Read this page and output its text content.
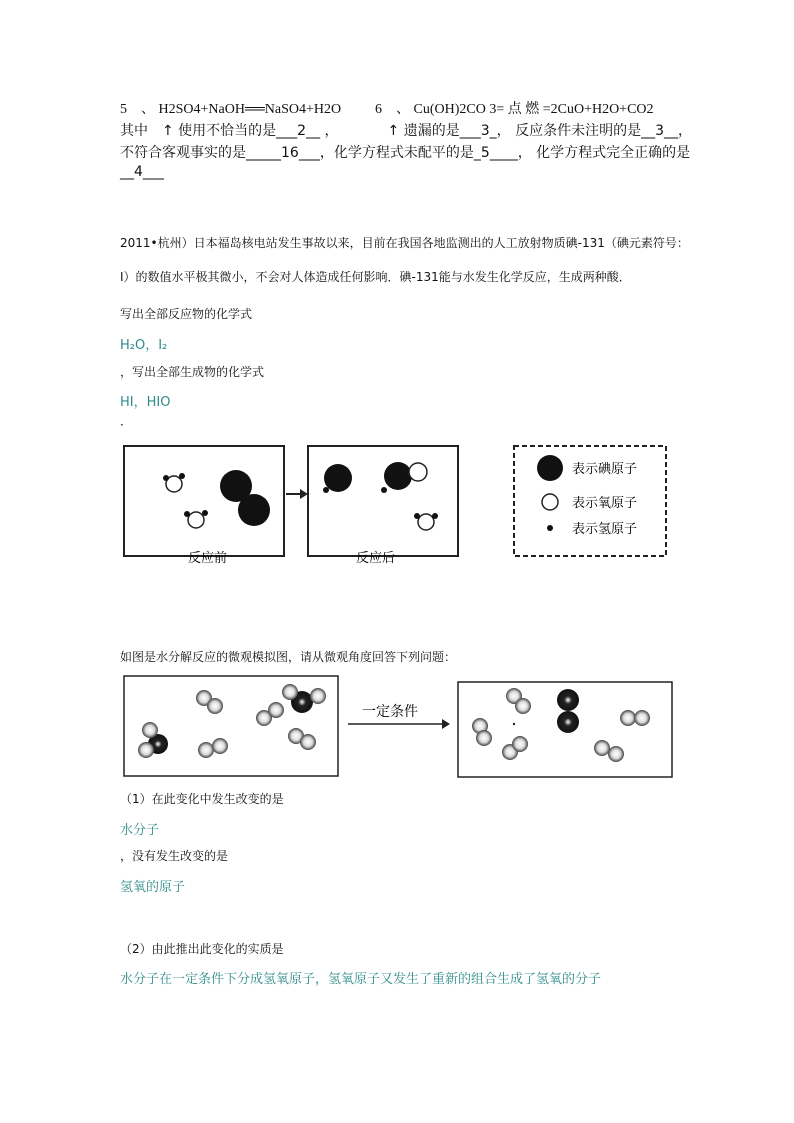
5　、 H2SO4+NaOH══NaSO4+H2O 6　、 Cu(OH)2CO 3= 点 燃 =2CuO+H2O+CO2
其中　↑ 使用不恰当的是___2__ ，　　　　↑ 遗漏的是___3_， 反应条件未注明的是__3__，
不符合客观事实的是_____16___，化学方程式未配平的是_5____， 化学方程式完全正确的是
__4___
2011•杭州）日本福岛核电站发生事故以来，目前在我国各地监测出的人工放射物质碘-131（碘元素符号：
I）的数值水平极其微小，不会对人体造成任何影响．碘-131能与水发生化学反应，生成两种酸．
写出全部反应物的化学式
H₂O，I₂
，写出全部生成物的化学式
HI，HIO
．
反应前	反应后
表示碘原子
表示氧原子
表示氢原子
如图是水分解反应的微观模拟图，请从微观角度回答下列问题：
一定条件
（1）在此变化中发生改变的是
水分子
，没有发生改变的是
氢氧的原子
（2）由此推出此变化的实质是
水分子在一定条件下分成氢氧原子，氢氧原子又发生了重新的组合生成了氢氧的分子
